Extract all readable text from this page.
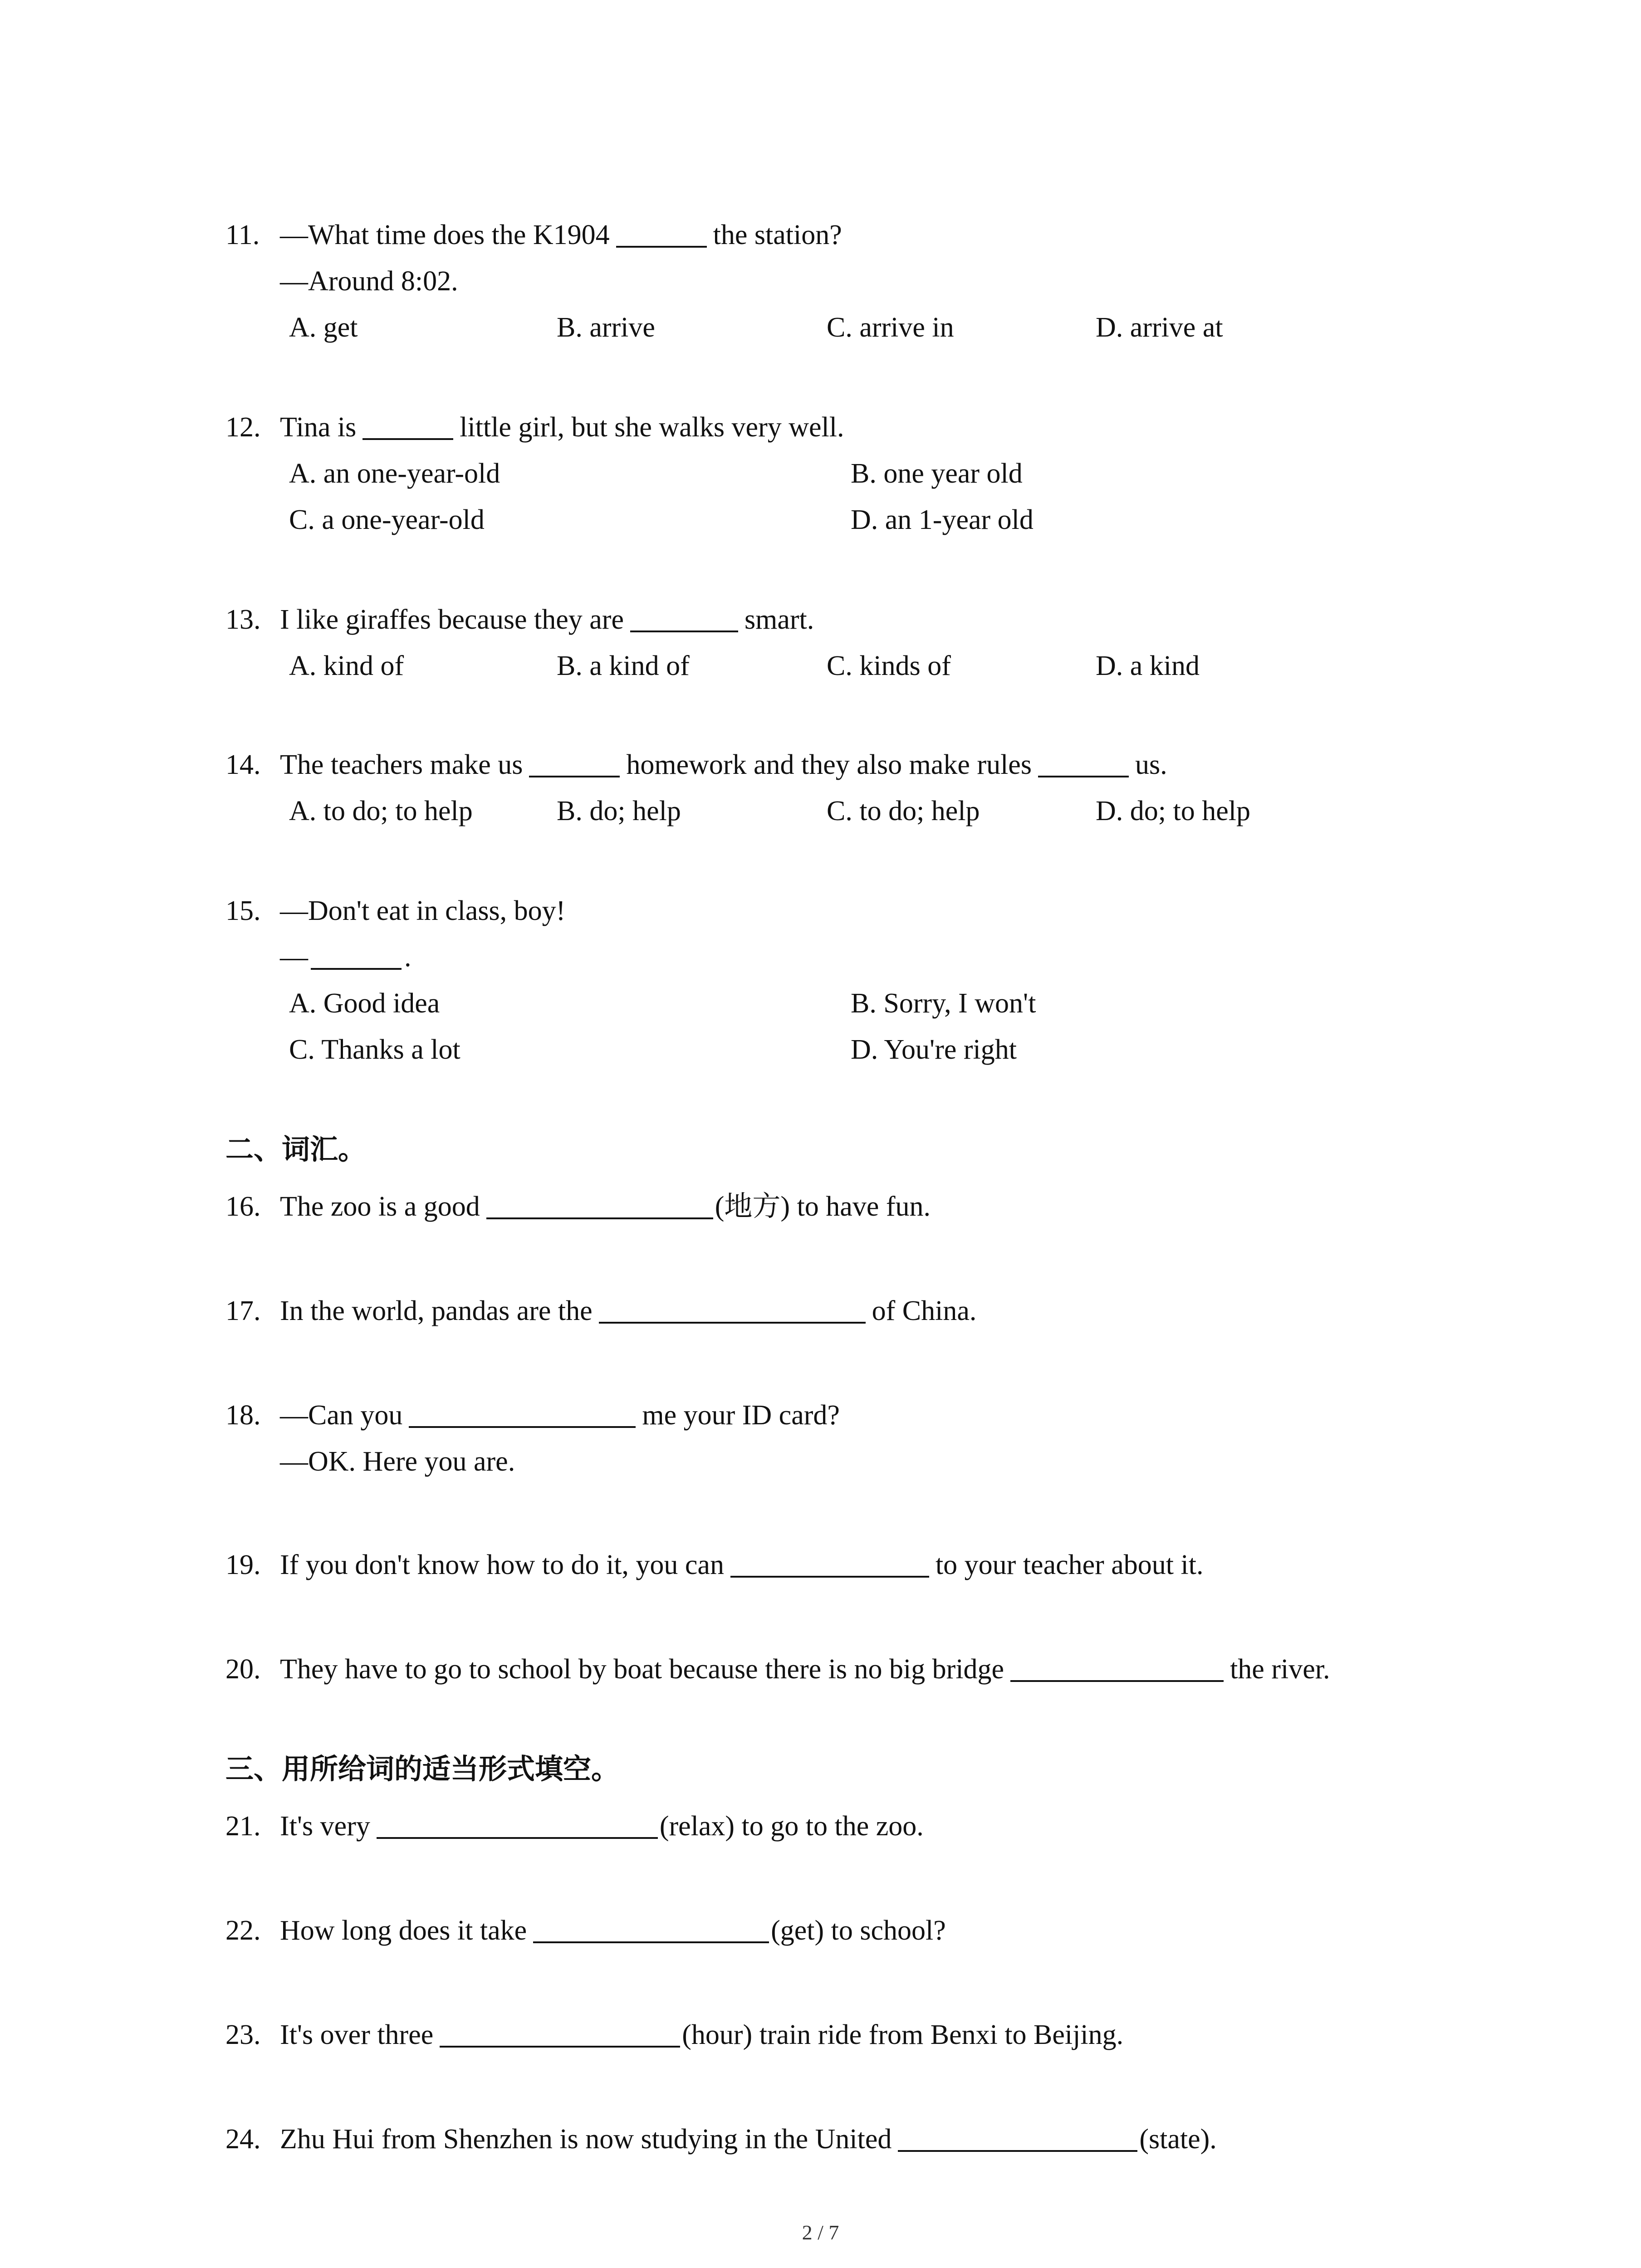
11. —What time does the K1904	the station?
—Around 8:02.
A. get	B. arrive	C. arrive in	D. arrive at
12. Tina is	little girl, but she walks very well.
A. an one-year-old	B. one year old
C. a one-year-old	D. an 1-year old
13. I like giraffes because they are	smart.
A. kind of	B. a kind of	C. kinds of	D. a kind
14. The teachers make us	homework and they also make rules	us.
A. to do; to help	B. do; help	C. to do; help	D. do; to help
15. —Don't eat in class, boy!
—	.
A. Good idea	B. Sorry, I won't
C. Thanks a lot	D. You're right
二、词汇。
16. The zoo is a good	(地方) to have fun.
17. In the world, pandas are the	of China.
18. —Can you	me your ID card?
—OK. Here you are.
19. If you don't know how to do it, you can	to your teacher about it.
20. They have to go to school by boat because there is no big bridge	the river.
三、用所给词的适当形式填空。
21. It's very	(relax) to go to the zoo.
22. How long does it take	(get) to school?
23. It's over three	(hour) train ride from Benxi to Beijing.
24. Zhu Hui from Shenzhen is now studying in the United	(state).
2 / 7
